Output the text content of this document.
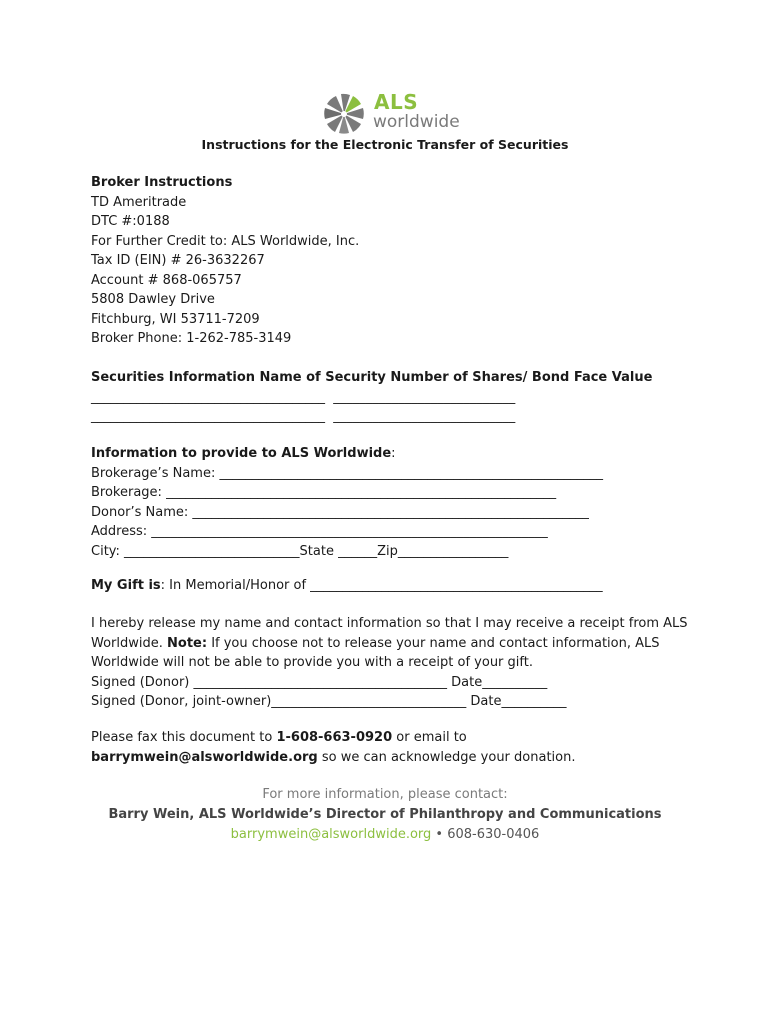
ALS
worldwide
Instructions for the Electronic Transfer of Securities
Broker Instructions
TD Ameritrade
DTC #:0188
For Further Credit to: ALS Worldwide, Inc.
Tax ID (EIN) # 26-3632267
Account # 868-065757
5808 Dawley Drive
Fitchburg, WI 53711-7209
Broker Phone: 1-262-785-3149
Securities Information Name of Security Number of Shares/ Bond Face Value
____________________________________  ____________________________
____________________________________  ____________________________
Information to provide to ALS Worldwide:
Brokerage’s Name: ___________________________________________________________
Brokerage: ____________________________________________________________
Donor’s Name: _____________________________________________________________
Address: _____________________________________________________________
City: ___________________________State ______Zip_________________
My Gift is: In Memorial/Honor of _____________________________________________
I hereby release my name and contact information so that I may receive a receipt from ALS Worldwide. Note: If you choose not to release your name and contact information, ALS Worldwide will not be able to provide you with a receipt of your gift.
Signed (Donor) _______________________________________ Date__________
Signed (Donor, joint-owner)______________________________ Date__________
Please fax this document to 1-608-663-0920 or email to barrymwein@alsworldwide.org so we can acknowledge your donation.
For more information, please contact:
Barry Wein, ALS Worldwide’s Director of Philanthropy and Communications
barrymwein@alsworldwide.org • 608-630-0406
